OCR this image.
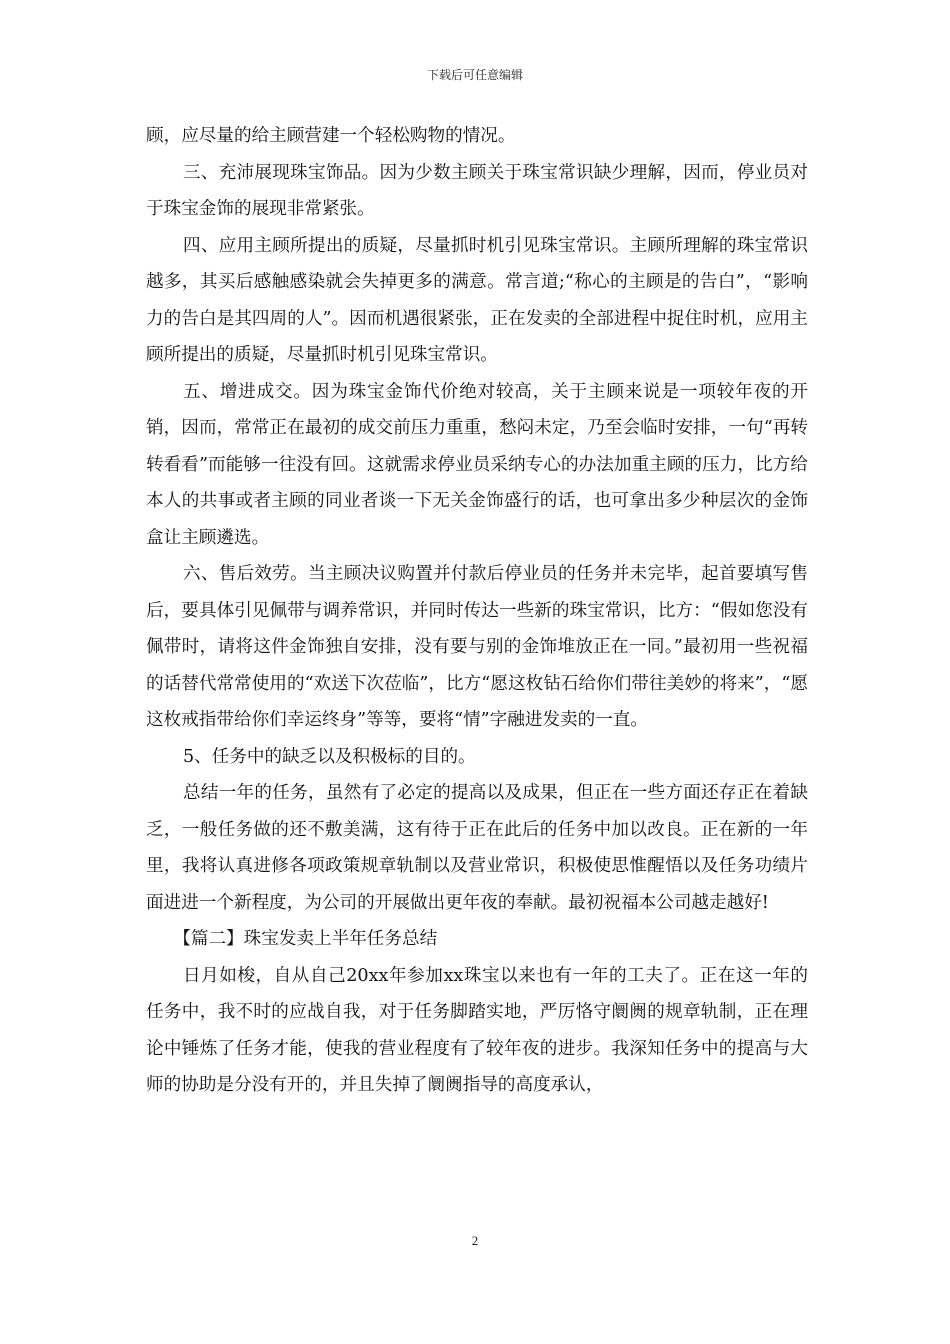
下载后可任意编辑

顾，应尽量的给主顾营建一个轻松购物的情况。

三、充沛展现珠宝饰品。因为少数主顾关于珠宝常识缺少理解，因而，停业员对于珠宝金饰的展现非常紧张。

四、应用主顾所提出的质疑，尽量抓时机引见珠宝常识。主顾所理解的珠宝常识越多，其买后感触感染就会失掉更多的满意。常言道;“称心的主顾是的告白”，“影响力的告白是其四周的人”。因而机遇很紧张，正在发卖的全部进程中捉住时机，应用主顾所提出的质疑，尽量抓时机引见珠宝常识。

五、增进成交。因为珠宝金饰代价绝对较高，关于主顾来说是一项较年夜的开销，因而，常常正在最初的成交前压力重重，愁闷未定，乃至会临时安排，一句“再转转看看”而能够一往没有回。这就需求停业员采纳专心的办法加重主顾的压力，比方给本人的共事或者主顾的同业者谈一下无关金饰盛行的话，也可拿出多少种层次的金饰盒让主顾遴选。

六、售后效劳。当主顾决议购置并付款后停业员的任务并未完毕，起首要填写售后，要具体引见佩带与调养常识，并同时传达一些新的珠宝常识，比方：“假如您没有佩带时，请将这件金饰独自安排，没有要与别的金饰堆放正在一同。”最初用一些祝福的话替代常常使用的“欢送下次莅临”，比方“愿这枚钻石给你们带往美妙的将来”，“愿这枚戒指带给你们幸运终身”等等，要将“情”字融进发卖的一直。

5、任务中的缺乏以及积极标的目的。

总结一年的任务，虽然有了必定的提高以及成果，但正在一些方面还存正在着缺乏，一般任务做的还不敷美满，这有待于正在此后的任务中加以改良。正在新的一年里，我将认真进修各项政策规章轨制以及营业常识，积极使思惟醒悟以及任务功绩片面进进一个新程度，为公司的开展做出更年夜的奉献。最初祝福本公司越走越好!

【篇二】珠宝发卖上半年任务总结

日月如梭，自从自己20xx年参加xx珠宝以来也有一年的工夫了。正在这一年的任务中，我不时的应战自我，对于任务脚踏实地，严厉恪守阛阓的规章轨制，正在理论中锤炼了任务才能，使我的营业程度有了较年夜的进步。我深知任务中的提高与大师的协助是分没有开的，并且失掉了阛阓指导的高度承认，

2
